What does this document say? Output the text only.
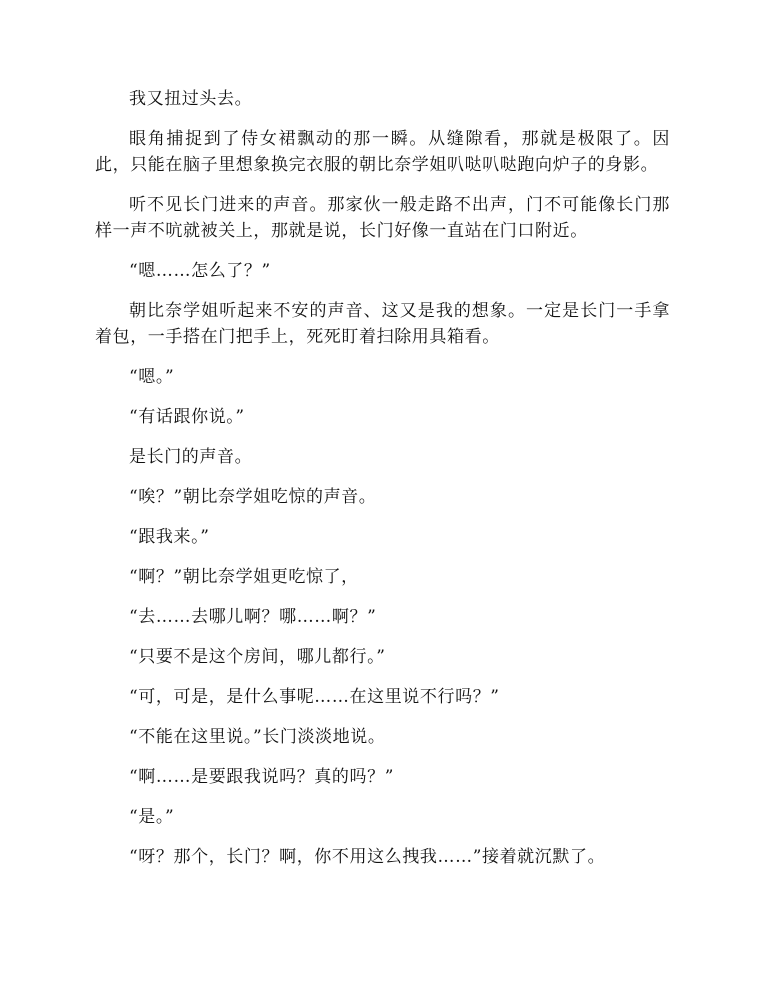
我又扭过头去。

眼角捕捉到了侍女裙飘动的那一瞬。从缝隙看，那就是极限了。因此，只能在脑子里想象换完衣服的朝比奈学姐叭哒叭哒跑向炉子的身影。

听不见长门进来的声音。那家伙一般走路不出声，门不可能像长门那样一声不吭就被关上，那就是说，长门好像一直站在门口附近。

“嗯……怎么了？”

朝比奈学姐听起来不安的声音、这又是我的想象。一定是长门一手拿着包，一手搭在门把手上，死死盯着扫除用具箱看。

“嗯。”

“有话跟你说。”

是长门的声音。

“唉？”朝比奈学姐吃惊的声音。

“跟我来。”

“啊？”朝比奈学姐更吃惊了，

“去……去哪儿啊？哪……啊？”

“只要不是这个房间，哪儿都行。”

“可，可是，是什么事呢……在这里说不行吗？”

“不能在这里说。”长门淡淡地说。

“啊……是要跟我说吗？真的吗？”

“是。”

“呀？那个，长门？啊，你不用这么拽我……”接着就沉默了。
